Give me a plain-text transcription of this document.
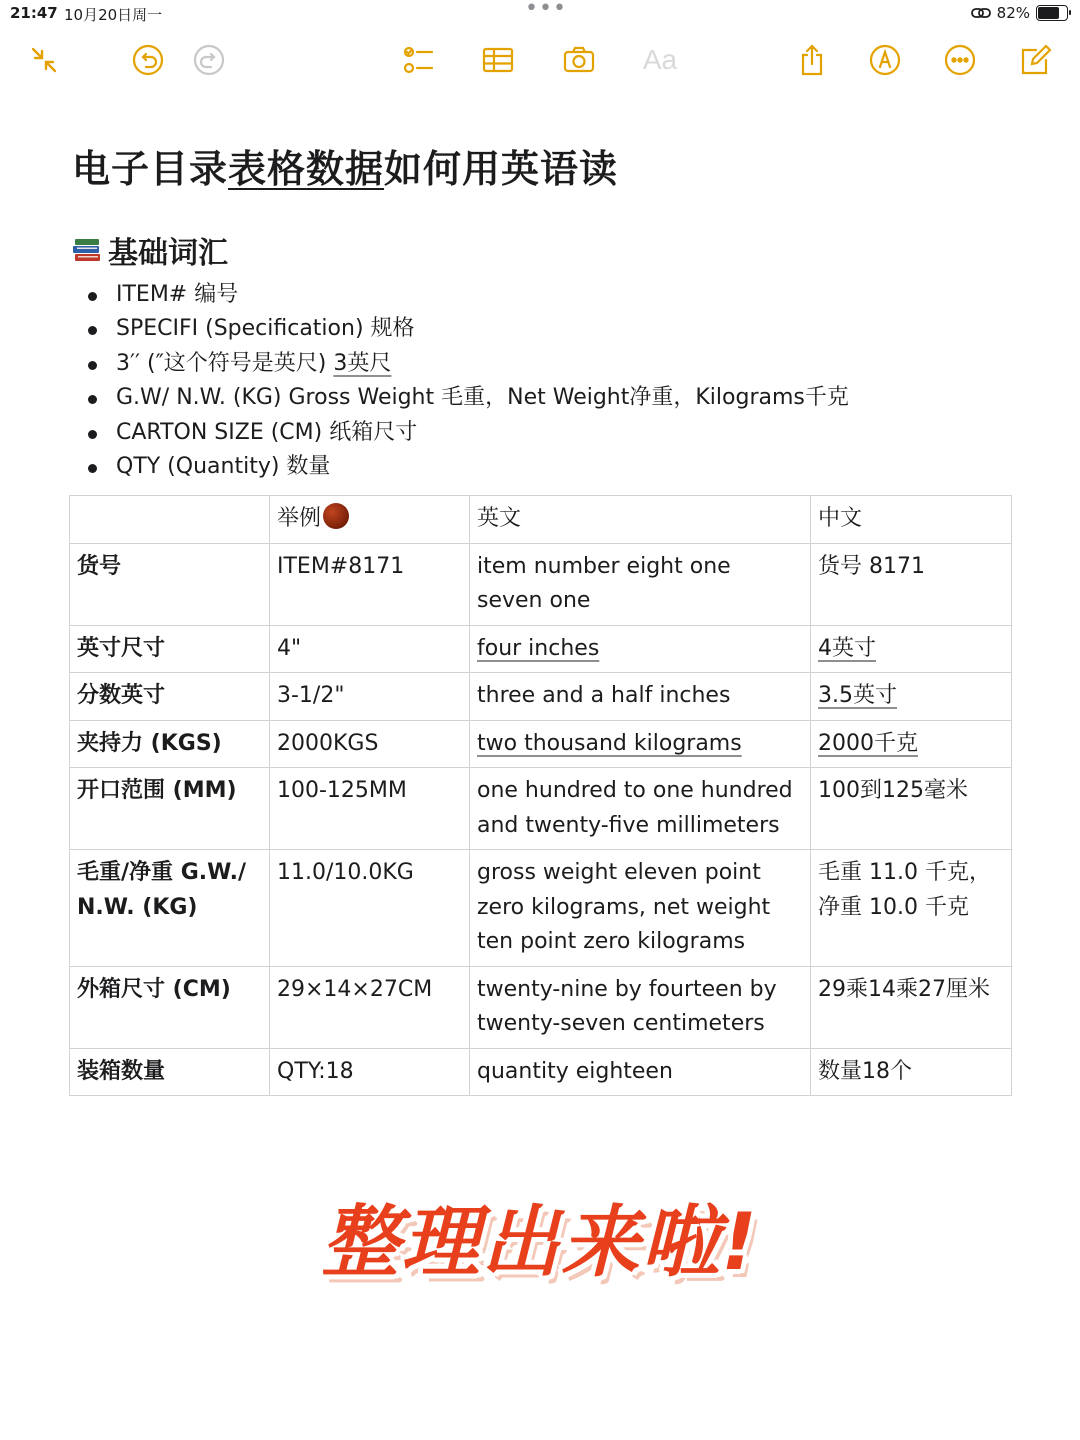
21:47 10月20日周一	•••	82%
Aa
电子目录表格数据如何用英语读
基础词汇
ITEM# 编号
SPECIFI (Specification) 规格
3′′ (″这个符号是英尺) 3英尺
G.W/ N.W. (KG) Gross Weight 毛重，Net Weight净重，Kilograms千克
CARTON SIZE (CM) 纸箱尺寸
QTY (Quantity) 数量
	举例	英文	中文
货号	ITEM#8171	item number eight one seven one	货号 8171
英寸尺寸	4"	four inches	4英寸
分数英寸	3-1/2"	three and a half inches	3.5英寸
夹持力 (KGS)	2000KGS	two thousand kilograms	2000千克
开口范围 (MM)	100-125MM	one hundred to one hundred and twenty-five millimeters	100到125毫米
毛重/净重 G.W./ N.W. (KG)	11.0/10.0KG	gross weight eleven point zero kilograms, net weight ten point zero kilograms	毛重 11.0 千克，净重 10.0 千克
外箱尺寸 (CM)	29×14×27CM	twenty-nine by fourteen by twenty-seven centimeters	29乘14乘27厘米
装箱数量	QTY:18	quantity eighteen	数量18个
整理出来啦!
